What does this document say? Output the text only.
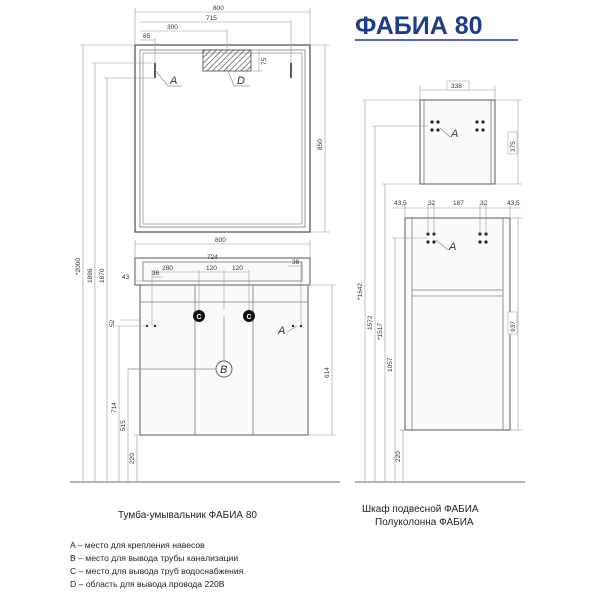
ФАБИА 80
A	D
800
715
300
85
75
850
C	C
A
B
800
724
280	120 120
43
36
36
52
614
*2000
1896 1870
714
515
220
A
338
375
A
43,5	32	187 32	43,5
937
*1642
1572
*1517
1057
220
Тумба-умывальник ФАБИА 80
Шкаф подвесной ФАБИА
Полуколонна ФАБИА
A – место для крепления навесов
B – место для вывода трубы канализации
C – место для вывода труб водоснабжения
D – область для вывода провода 220В
